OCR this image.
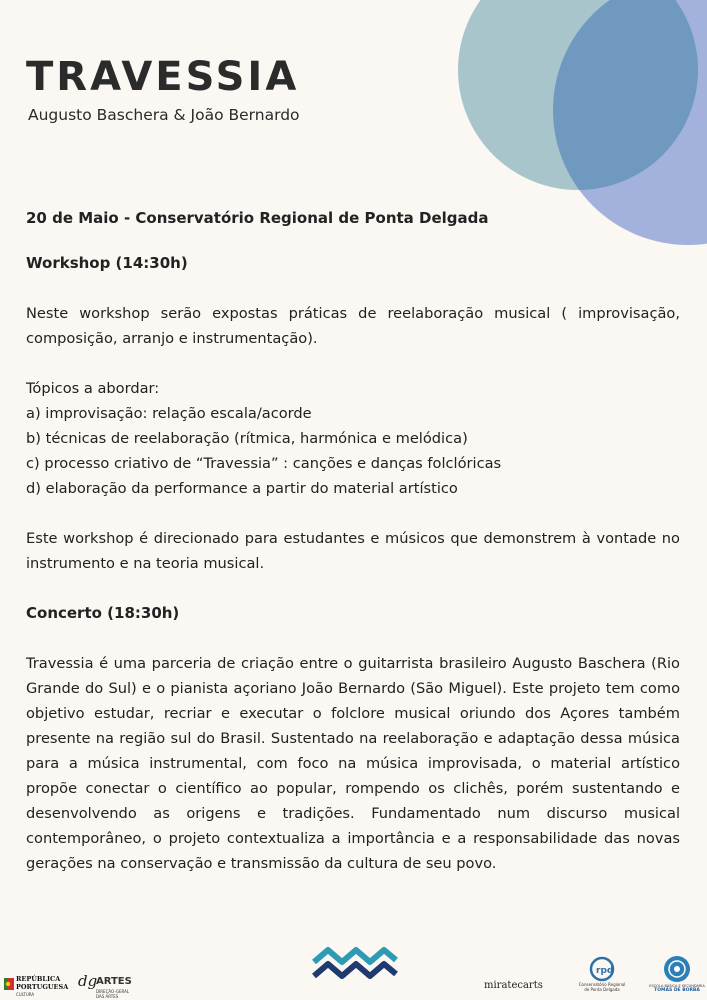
TRAVESSIA
Augusto Baschera & João Bernardo

20 de Maio - Conservatório Regional de Ponta Delgada

Workshop (14:30h)

Neste workshop serão expostas práticas de reelaboração musical ( improvisação, composição, arranjo e instrumentação).

Tópicos a abordar:
a) improvisação: relação escala/acorde
b) técnicas de reelaboração (rítmica, harmónica e melódica)
c) processo criativo de “Travessia” : canções e danças folclóricas
d) elaboração da performance a partir do material artístico

Este workshop é direcionado para estudantes e músicos que demonstrem à vontade no instrumento e na teoria musical.

Concerto (18:30h)

Travessia é uma parceria de criação entre o guitarrista brasileiro Augusto Baschera (Rio Grande do Sul) e o pianista açoriano João Bernardo (São Miguel). Este projeto tem como objetivo estudar, recriar e executar o folclore musical oriundo dos Açores também presente na região sul do Brasil. Sustentado na reelaboração e adaptação dessa música para a música instrumental, com foco na música improvisada, o material artístico propõe conectar o científico ao popular, rompendo os clichês, porém sustentando e desenvolvendo as origens e tradições. Fundamentado num discurso musical contemporâneo, o projeto contextualiza a importância e a responsabilidade das novas gerações na conservação e transmissão da cultura de seu povo.

REPÚBLICA
PORTUGUESA
CULTURA
dg
ARTES
DIREÇÃO-GERAL DAS ARTES
miratecarts
rpd
Conservatório Regional
de Ponta Delgada
ESCOLA BÁSICA E SECUNDÁRIA
TOMÁS DE BORBA
